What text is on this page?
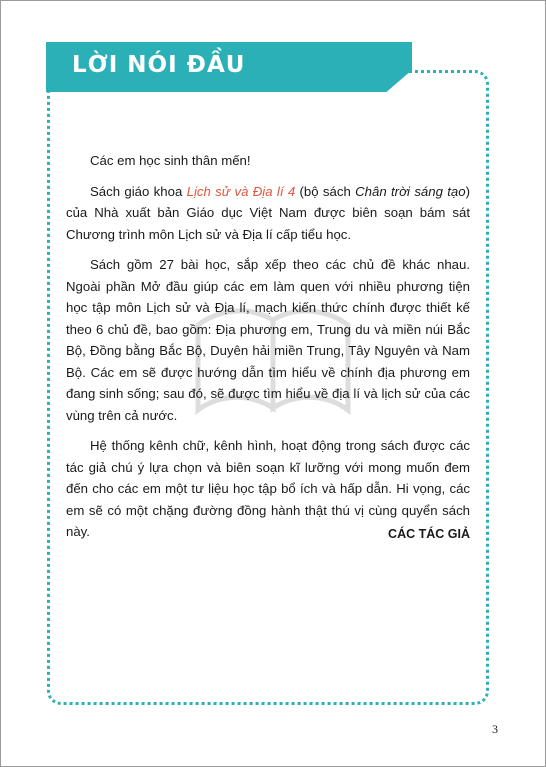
LỜI NÓI ĐẦU

Các em học sinh thân mến!

Sách giáo khoa Lịch sử và Địa lí 4 (bộ sách Chân trời sáng tạo) của Nhà xuất bản Giáo dục Việt Nam được biên soạn bám sát Chương trình môn Lịch sử và Địa lí cấp tiểu học.

Sách gồm 27 bài học, sắp xếp theo các chủ đề khác nhau. Ngoài phần Mở đầu giúp các em làm quen với nhiều phương tiện học tập môn Lịch sử và Địa lí, mạch kiến thức chính được thiết kế theo 6 chủ đề, bao gồm: Địa phương em, Trung du và miền núi Bắc Bộ, Đồng bằng Bắc Bộ, Duyên hải miền Trung, Tây Nguyên và Nam Bộ. Các em sẽ được hướng dẫn tìm hiểu về chính địa phương em đang sinh sống; sau đó, sẽ được tìm hiểu về địa lí và lịch sử của các vùng trên cả nước.

Hệ thống kênh chữ, kênh hình, hoạt động trong sách được các tác giả chú ý lựa chọn và biên soạn kĩ lưỡng với mong muốn đem đến cho các em một tư liệu học tập bổ ích và hấp dẫn. Hi vọng, các em sẽ có một chặng đường đồng hành thật thú vị cùng quyển sách này.	CÁC TÁC GIẢ
3
